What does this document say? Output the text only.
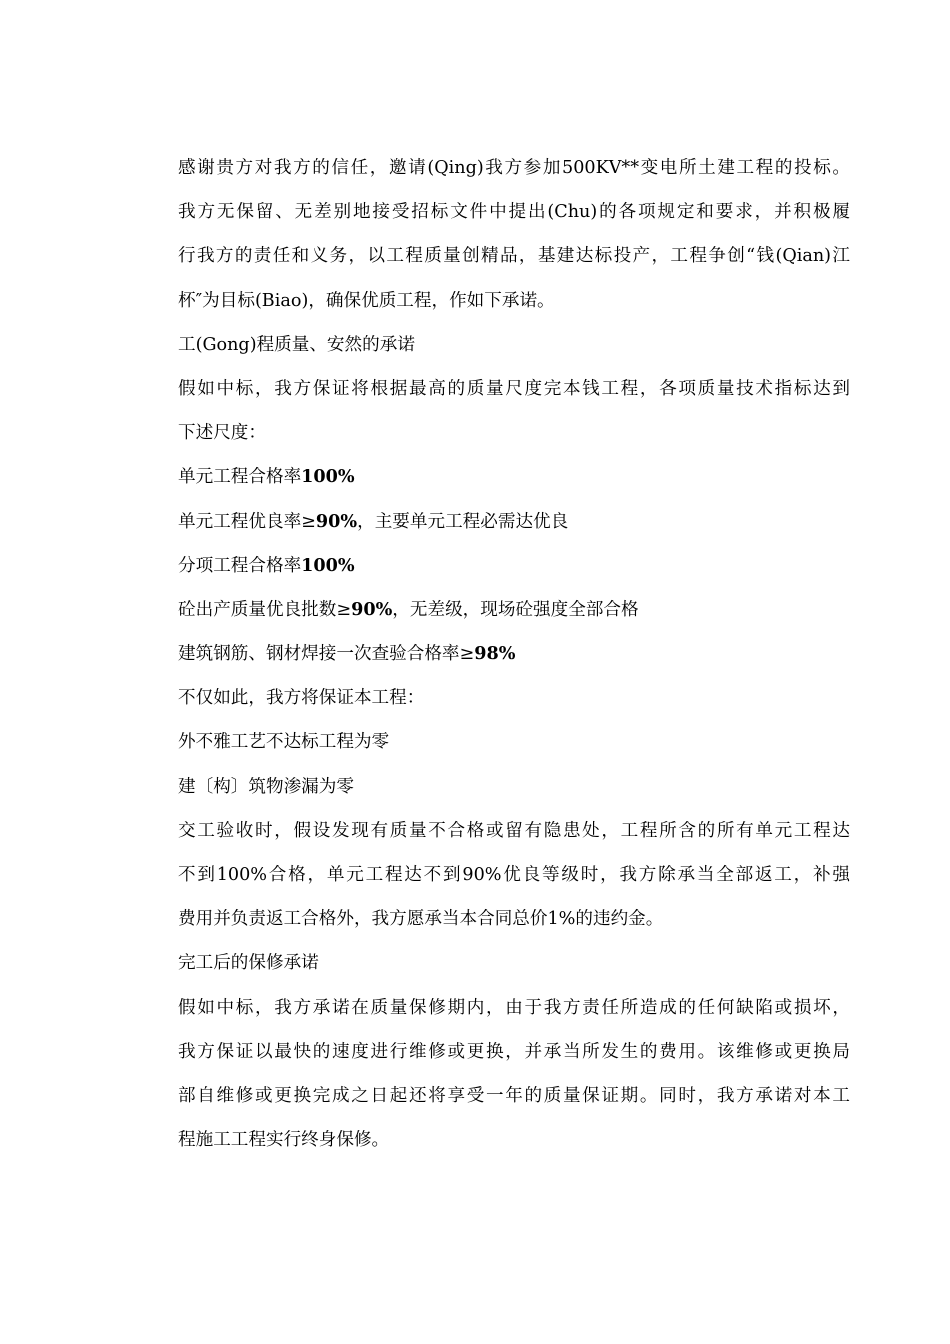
感谢贵方对我方的信任，邀请(Qing)我方参加500KV**变电所土建工程的投标。
我方无保留、无差别地接受招标文件中提出(Chu)的各项规定和要求，并积极履
行我方的责任和义务，以工程质量创精品，基建达标投产，工程争创“钱(Qian)江
杯″为目标(Biao)，确保优质工程，作如下承诺。
工(Gong)程质量、安然的承诺
假如中标，我方保证将根据最高的质量尺度完本钱工程，各项质量技术指标达到
下述尺度：
单元工程合格率100%
单元工程优良率≥90%，主要单元工程必需达优良
分项工程合格率100%
砼出产质量优良批数≥90%，无差级，现场砼强度全部合格
建筑钢筋、钢材焊接一次查验合格率≥98%
不仅如此，我方将保证本工程：
外不雅工艺不达标工程为零
建〔构〕筑物渗漏为零
交工验收时，假设发现有质量不合格或留有隐患处，工程所含的所有单元工程达
不到100%合格，单元工程达不到90%优良等级时，我方除承当全部返工，补强
费用并负责返工合格外，我方愿承当本合同总价1%的违约金。
完工后的保修承诺
假如中标，我方承诺在质量保修期内，由于我方责任所造成的任何缺陷或损坏，
我方保证以最快的速度进行维修或更换，并承当所发生的费用。该维修或更换局
部自维修或更换完成之日起还将享受一年的质量保证期。同时，我方承诺对本工
程施工工程实行终身保修。
